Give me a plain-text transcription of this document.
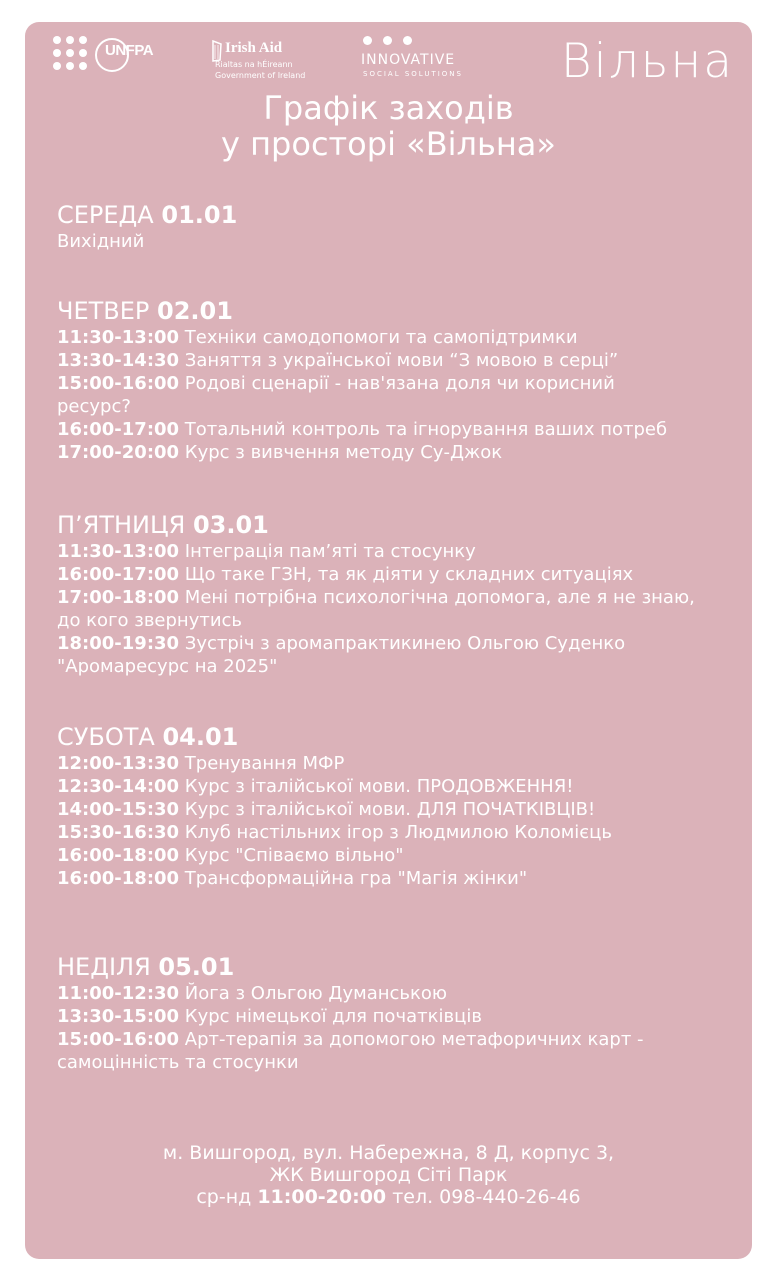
UNFPA	Irish Aid
Rialtas na hÉireann
Government of Ireland
INNOVATIVE
SOCIAL SOLUTIONS Вільна
Графік заходів
у просторі «Вільна»
СЕРЕДА 01.01
Вихідний
ЧЕТВЕР 02.01
11:30-13:00 Техніки самодопомоги та самопідтримки
13:30-14:30 Заняття з української мови “З мовою в серці”
15:00-16:00 Родові сценарії - нав'язана доля чи корисний
ресурс?
16:00-17:00 Тотальний контроль та ігнорування ваших потреб
17:00-20:00 Курс з вивчення методу Су-Джок
П’ЯТНИЦЯ 03.01
11:30-13:00 Інтеграція пам’яті та стосунку
16:00-17:00 Що таке ГЗН, та як діяти у складних ситуаціях
17:00-18:00 Мені потрібна психологічна допомога, але я не знаю,
до кого звернутись
18:00-19:30 Зустріч з аромапрактикинею Ольгою Суденко
"Аромаресурс на 2025"
СУБОТА 04.01
12:00-13:30 Тренування МФР
12:30-14:00 Курс з італійської мови. ПРОДОВЖЕННЯ!
14:00-15:30 Курс з італійської мови. ДЛЯ ПОЧАТКІВЦІВ!
15:30-16:30 Клуб настільних ігор з Людмилою Коломієць
16:00-18:00 Курс "Співаємо вільно"
16:00-18:00 Трансформаційна гра "Магія жінки"
НЕДІЛЯ 05.01
11:00-12:30 Йога з Ольгою Думанською
13:30-15:00 Курс німецької для початківців
15:00-16:00 Арт-терапія за допомогою метафоричних карт -
самоцінність та стосунки
м. Вишгород, вул. Набережна, 8 Д, корпус 3,
ЖК Вишгород Сіті Парк
ср-нд 11:00-20:00 тел. 098-440-26-46
